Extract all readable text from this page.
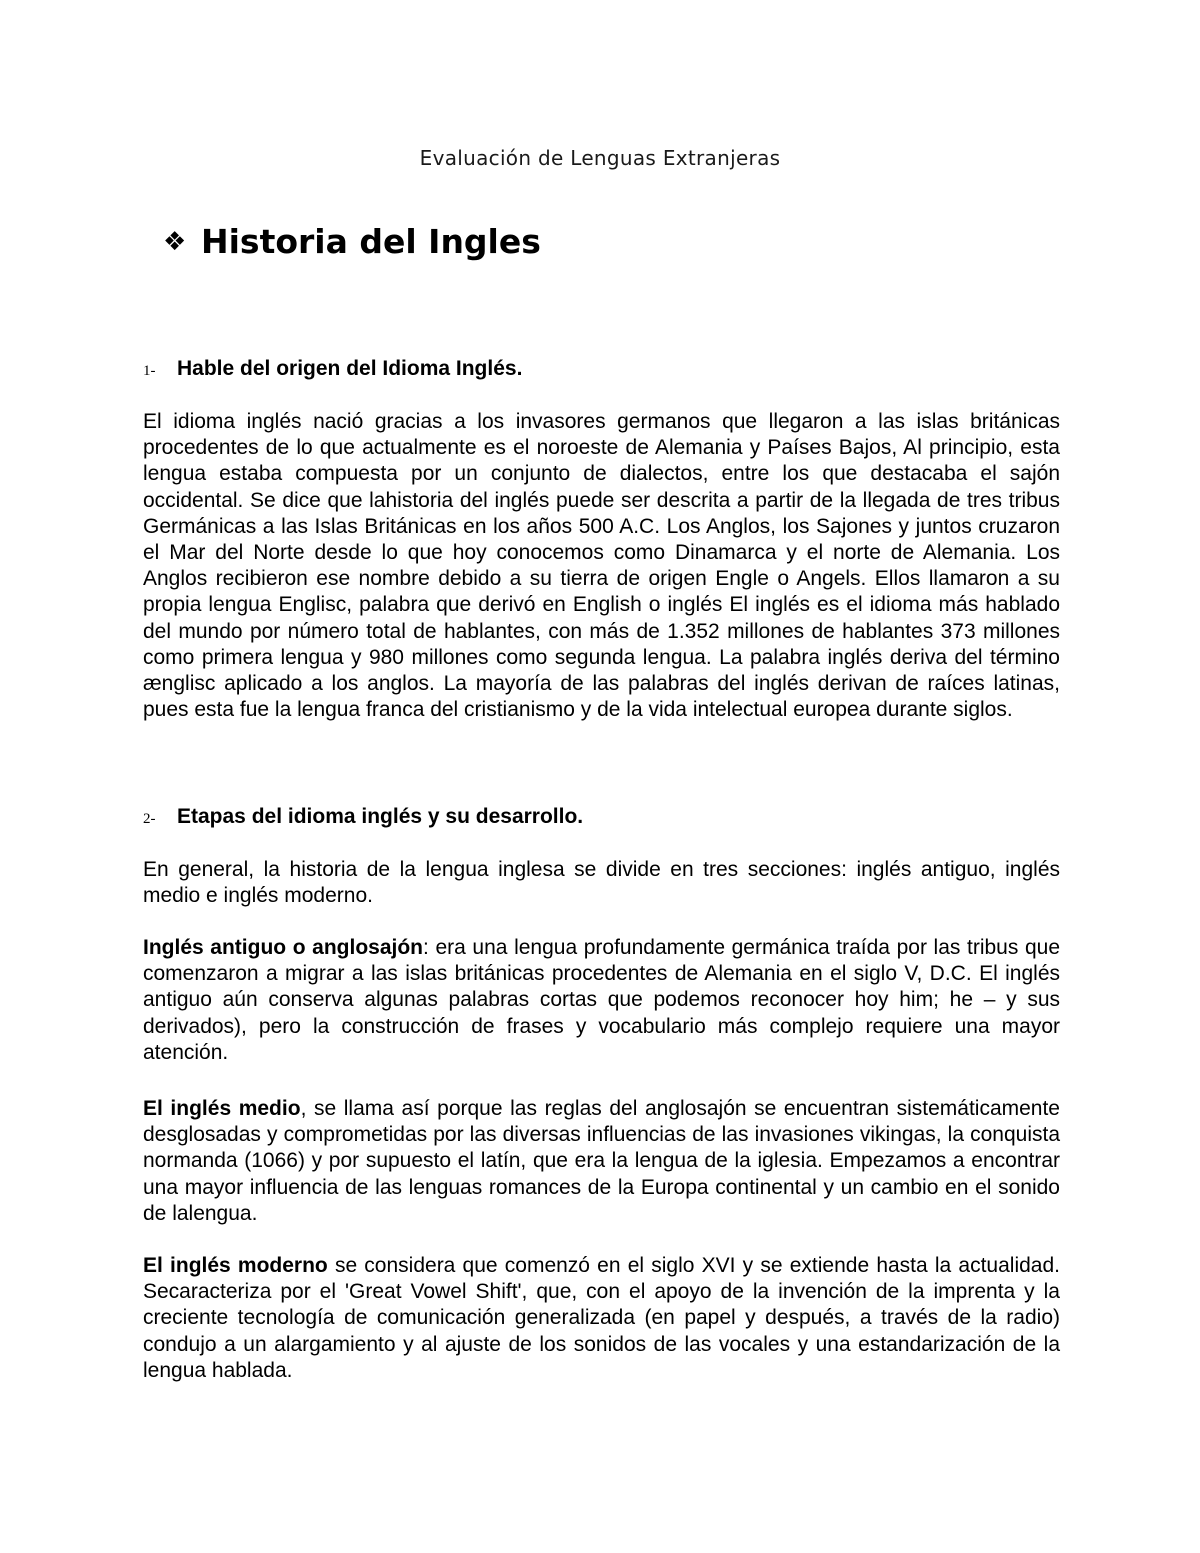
Evaluación de Lenguas Extranjeras

❖ Historia del Ingles
1- Hable del origen del Idioma Inglés.

El idioma inglés nació gracias a los invasores germanos que llegaron a las islas británicas procedentes de lo que actualmente es el noroeste de Alemania y Países Bajos, Al principio, esta lengua estaba compuesta por un conjunto de dialectos, entre los que destacaba el sajón occidental. Se dice que lahistoria del inglés puede ser descrita a partir de la llegada de tres tribus Germánicas a las Islas Británicas en los años 500 A.C. Los Anglos, los Sajones y juntos cruzaron el Mar del Norte desde lo que hoy conocemos como Dinamarca y el norte de Alemania. Los Anglos recibieron ese nombre debido a su tierra de origen Engle o Angels. Ellos llamaron a su propia lengua Englisc, palabra que derivó en English o inglés El inglés es el idioma más hablado del mundo por número total de hablantes, con más de 1.352 millones de hablantes 373 millones como primera lengua y 980 millones como segunda lengua. La palabra inglés deriva del término ænglisc aplicado a los anglos. La mayoría de las palabras del inglés derivan de raíces latinas, pues esta fue la lengua franca del cristianismo y de la vida intelectual europea durante siglos.

2- Etapas del idioma inglés y su desarrollo.

En general, la historia de la lengua inglesa se divide en tres secciones: inglés antiguo, inglés medio e inglés moderno.

Inglés antiguo o anglosajón: era una lengua profundamente germánica traída por las tribus que comenzaron a migrar a las islas británicas procedentes de Alemania en el siglo V, D.C. El inglés antiguo aún conserva algunas palabras cortas que podemos reconocer hoy him; he – y sus derivados), pero la construcción de frases y vocabulario más complejo requiere una mayor atención.

El inglés medio, se llama así porque las reglas del anglosajón se encuentran sistemáticamente desglosadas y comprometidas por las diversas influencias de las invasiones vikingas, la conquista normanda (1066) y por supuesto el latín, que era la lengua de la iglesia. Empezamos a encontrar una mayor influencia de las lenguas romances de la Europa continental y un cambio en el sonido de lalengua.

El inglés moderno se considera que comenzó en el siglo XVI y se extiende hasta la actualidad. Secaracteriza por el 'Great Vowel Shift', que, con el apoyo de la invención de la imprenta y la creciente tecnología de comunicación generalizada (en papel y después, a través de la radio) condujo a un alargamiento y al ajuste de los sonidos de las vocales y una estandarización de la lengua hablada.
